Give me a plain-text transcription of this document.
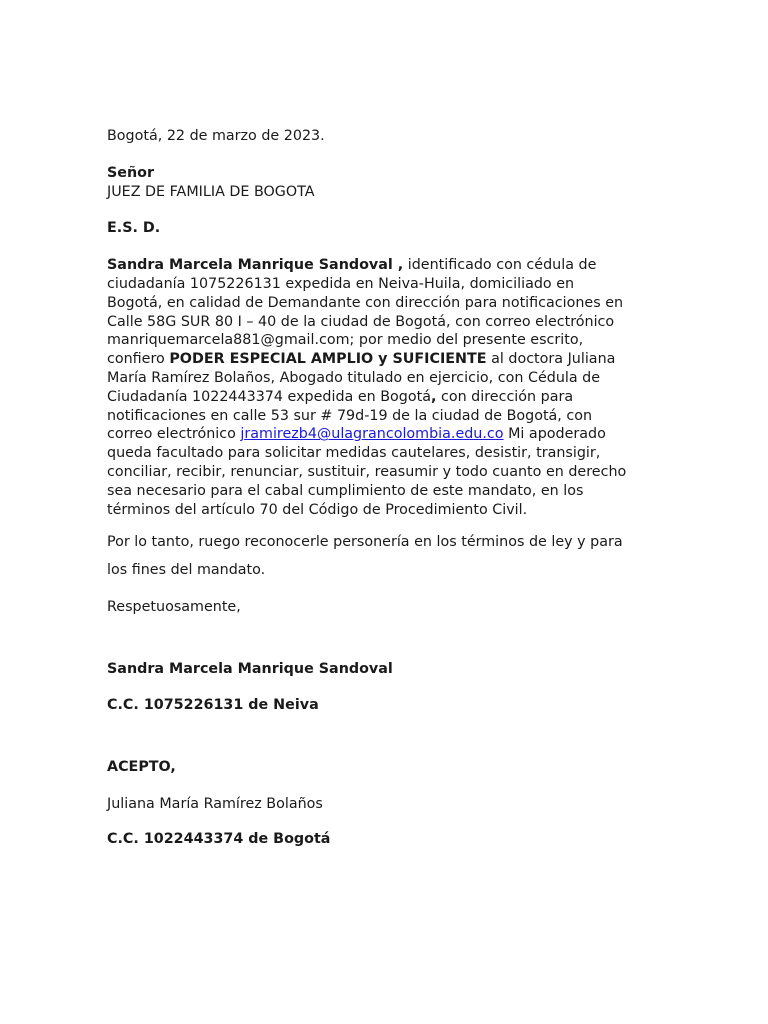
Bogotá, 22 de marzo de 2023.
Señor
JUEZ DE FAMILIA DE BOGOTA
E.S. D.
Sandra Marcela Manrique Sandoval , identificado con cédula de
ciudadanía 1075226131 expedida en Neiva-Huila, domiciliado en
Bogotá, en calidad de Demandante con dirección para notificaciones en
Calle 58G SUR 80 I – 40 de la ciudad de Bogotá, con correo electrónico
manriquemarcela881@gmail.com; por medio del presente escrito,
confiero PODER ESPECIAL AMPLIO y SUFICIENTE al doctora Juliana
María Ramírez Bolaños, Abogado titulado en ejercicio, con Cédula de
Ciudadanía 1022443374 expedida en Bogotá, con dirección para
notificaciones en calle 53 sur # 79d-19 de la ciudad de Bogotá, con
correo electrónico jramirezb4@ulagrancolombia.edu.co Mi apoderado
queda facultado para solicitar medidas cautelares, desistir, transigir,
conciliar, recibir, renunciar, sustituir, reasumir y todo cuanto en derecho
sea necesario para el cabal cumplimiento de este mandato, en los
términos del artículo 70 del Código de Procedimiento Civil.
Por lo tanto, ruego reconocerle personería en los términos de ley y para
los fines del mandato.
Respetuosamente,
Sandra Marcela Manrique Sandoval
C.C. 1075226131 de Neiva
ACEPTO,
Juliana María Ramírez Bolaños
C.C. 1022443374 de Bogotá
